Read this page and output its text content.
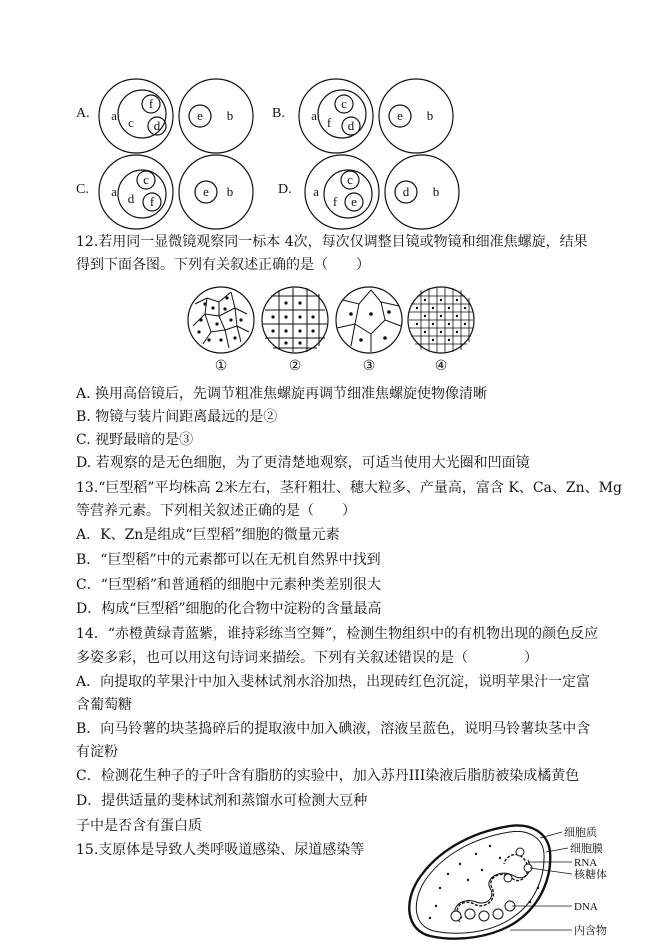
A.	B.
C.	D.
a c
f
d
e b	a f
c
d
e b
a d
c
f
e b	a
f
c
e
d b
12.若用同一显微镜观察同一标本 4次，每次仅调整目镜或物镜和细准焦螺旋，结果
得到下面各图。下列有关叙述正确的是（　　）
①	②	③	④
A. 换用高倍镜后，先调节粗准焦螺旋再调节细准焦螺旋使物像清晰
B. 物镜与装片间距离最远的是②
C. 视野最暗的是③
D. 若观察的是无色细胞，为了更清楚地观察，可适当使用大光圈和凹面镜
13.“巨型稻”平均株高 2米左右，茎秆粗壮、穗大粒多、产量高，富含 K、Ca、Zn、Mg
等营养元素。下列相关叙述正确的是（　　）
A．K、Zn是组成“巨型稻”细胞的微量元素
B．“巨型稻”中的元素都可以在无机自然界中找到
C．“巨型稻”和普通稻的细胞中元素种类差别很大
D．构成“巨型稻”细胞的化合物中淀粉的含量最高
14．“赤橙黄绿青蓝紫，谁持彩练当空舞”，检测生物组织中的有机物出现的颜色反应
多姿多彩，也可以用这句诗词来描绘。下列有关叙述错误的是（　　　　）
A．向提取的苹果汁中加入斐林试剂水浴加热，出现砖红色沉淀，说明苹果汁一定富
含葡萄糖
B．向马铃薯的块茎捣碎后的提取液中加入碘液，溶液呈蓝色，说明马铃薯块茎中含
有淀粉
C．检测花生种子的子叶含有脂肪的实验中，加入苏丹III染液后脂肪被染成橘黄色
D．提供适量的斐林试剂和蒸馏水可检测大豆种
子中是否含有蛋白质
15.支原体是导致人类呼吸道感染、尿道感染等
细胞质
细胞膜
RNA
核糖体
DNA
内含物
